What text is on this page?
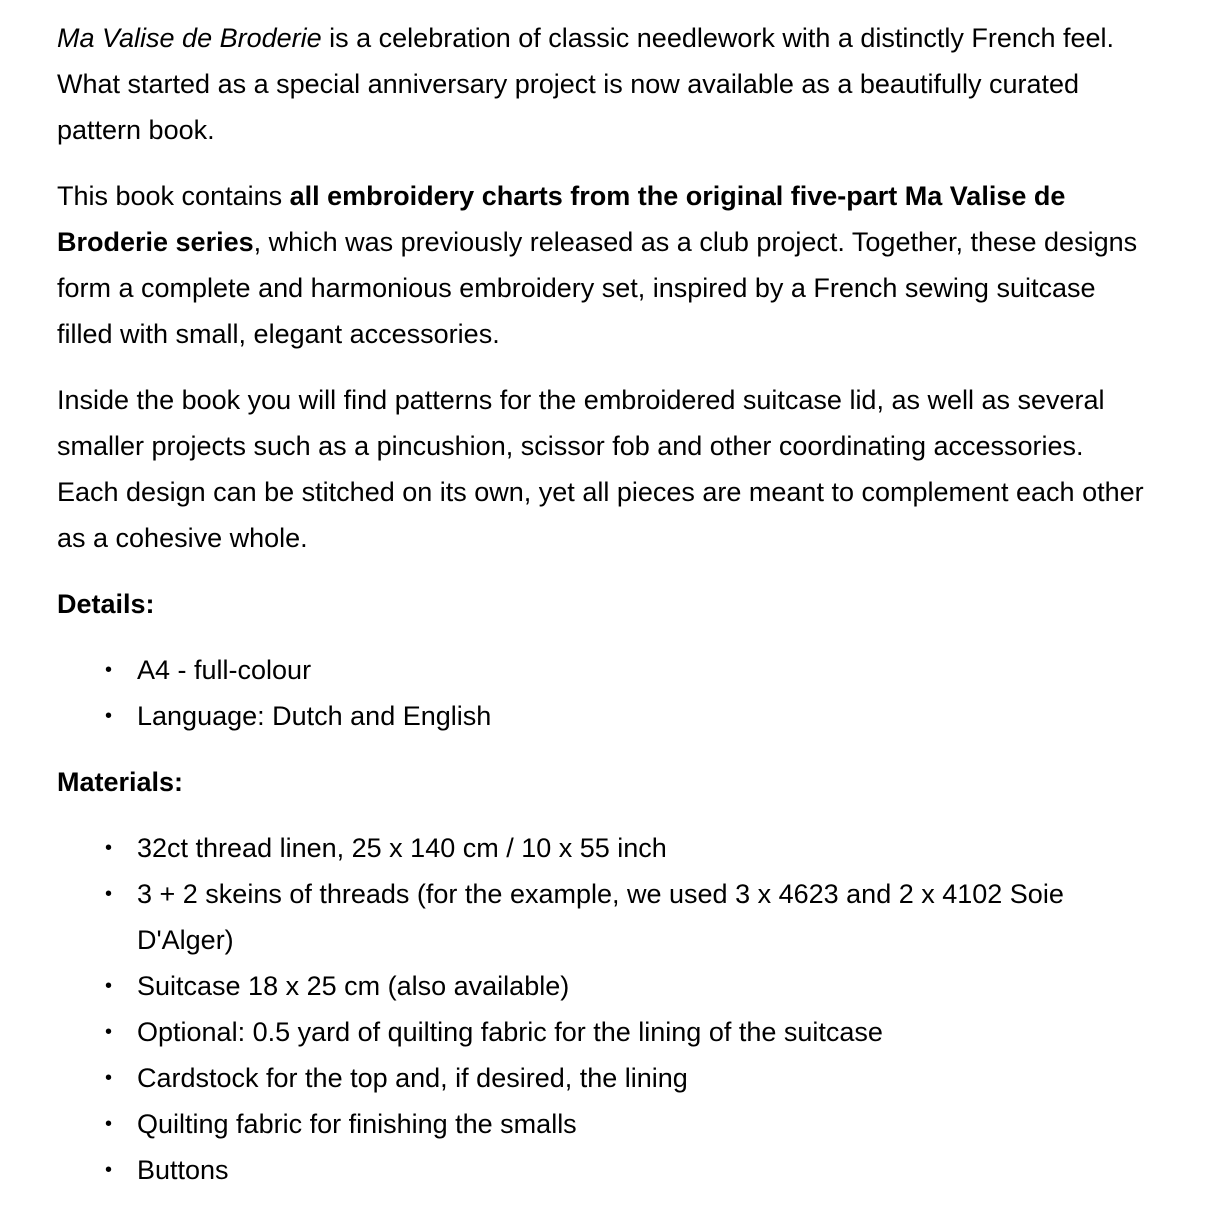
Ma Valise de Broderie is a celebration of classic needlework with a distinctly French feel. What started as a special anniversary project is now available as a beautifully curated pattern book.

This book contains all embroidery charts from the original five-part Ma Valise de Broderie series, which was previously released as a club project. Together, these designs form a complete and harmonious embroidery set, inspired by a French sewing suitcase filled with small, elegant accessories.

Inside the book you will find patterns for the embroidered suitcase lid, as well as several smaller projects such as a pincushion, scissor fob and other coordinating accessories. Each design can be stitched on its own, yet all pieces are meant to complement each other as a cohesive whole.

Details:
• A4 - full-colour
• Language: Dutch and English
Materials:
• 32ct thread linen, 25 x 140 cm / 10 x 55 inch
• 3 + 2 skeins of threads (for the example, we used 3 x 4623 and 2 x 4102 Soie D'Alger)
• Suitcase 18 x 25 cm (also available)
• Optional: 0.5 yard of quilting fabric for the lining of the suitcase
• Cardstock for the top and, if desired, the lining
• Quilting fabric for finishing the smalls
• Buttons
